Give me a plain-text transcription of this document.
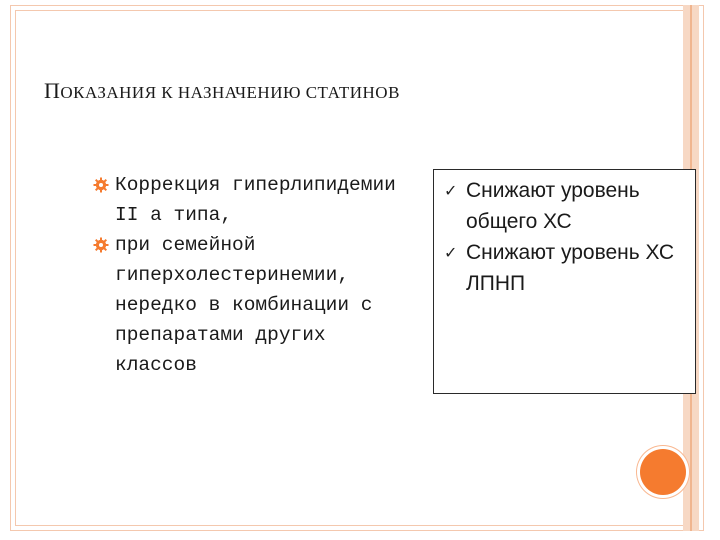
ПОКАЗАНИЯ К НАЗНАЧЕНИЮ СТАТИНОВ
Коррекция гиперлипидемии II а типа,
при семейной гиперхолестеринемии, нередко в комбинации с препаратами других классов
✓ Снижают уровень общего ХС
✓ Снижают уровень ХС ЛПНП
